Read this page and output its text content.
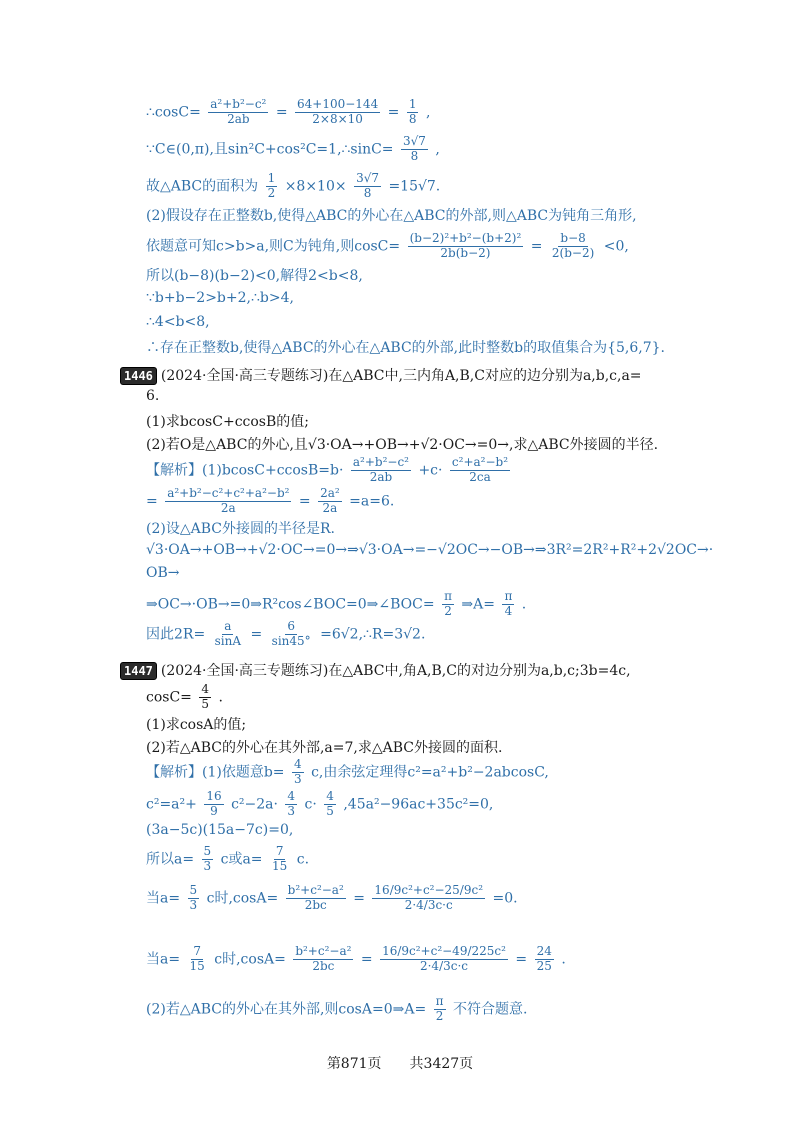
∴cosC= $\frac{\text{a²+b²−c²}}{2ab} = \frac{64+100-144}{2\times 8\times 10} = \frac{1}{8}$ ,
∵C∈(0,π),且sin²C+cos²C=1,∴sinC= $\frac{3√7}{8}$ ,
故△ABC的面积为 $\frac{1}{2} \times 8\times 10\times \frac{3√7}{8} =15√7$.
(2)假设存在正整数b,使得△ABC的外心在△ABC的外部,则△ABC为钝角三角形,
依题意可知c>b>a,则C为钝角,则$\cos C= \frac{\text{(b−2)²+b²−(b+2)²}}{2b(b-2)} = \frac{b-8}{2(b-2)} <0$,
所以(b−8)(b−2)<0,解得2<b<8,
∵b+b−2>b+2,∴b>4,
∴4<b<8,
∴存在正整数b,使得△ABC的外心在△ABC的外部,此时整数b的取值集合为{5,6,7}.
1446 (2024·全国·高三专题练习)在△ABC中,三内角A,B,C对应的边分别为a,b,c,a=
6.
(1)求bcosC+ccosB的值;
(2)若O是△ABC的外心,且√3·OA→+OB→+√2·OC→=0→,求△ABC外接圆的半径.
【解析】$(1)bcosC+ccosB=b\cdot \frac{\text{a²+b²−c²}}{2ab} +c\cdot \frac{\text{c²+a²−b²}}{2ca}$
= $\frac{\text{a²+b²−c²+c²+a²−b²}}{2a} = \frac{\text{2a²}}{2a} =a=6$.
(2)设△ABC外接圆的半径是R.
√3·OA→+OB→+√2·OC→=0→⇒√3·OA→=−√2OC→−OB→⇒3R²=2R²+R²+2√2OC→·
OB→
⇒OC→·OB→=0⇒R²cos∠BOC=0⇒∠BOC= $\frac{\pi}{2}$ ⇒A= $\frac{\pi}{4}$ .
因此$2R= \frac{a}{\sin A} = \frac{6}{\sin 45^\circ}$ =6√2,∴R=3√2.
1447 (2024·全国·高三专题练习)在△ABC中,角A,B,C的对边分别为a,b,c;3b=4c,
$\cos C= \frac{4}{5}$ .
(1)求cosA的值;
(2)若△ABC的外心在其外部,a=7,求△ABC外接圆的面积.
【解析】(1)依题意$b= \frac{4}{3} c$,由余弦定理得c²=a²+b²−2abcosC,
$c^2=a^2+ \frac{16}{9} c^2-2a\cdot \frac{4}{3} c\cdot \frac{4}{5} ,45a^2-96ac+35c^2=0$,
(3a−5c)(15a−7c)=0,
所以$a= \frac{5}{3}$ c或$a= \frac{7}{15} c$.
当$a= \frac{5}{3}$ c时$,\cos A= \frac{\text{b²+c²−a²}}{2bc} = \frac{\text{16/9c²+c²−25/9c²}}{2\cdot 4/3c\cdot c} =0$.
当$a= \frac{7}{15}$ c时$,\cos A= \frac{\text{b²+c²−a²}}{2bc} = \frac{\text{16/9c²+c²−49/225c²}}{2\cdot 4/3c\cdot c} = \frac{24}{25}$ .
(2)若△ABC的外心在其外部,则cosA=0⇒A= $\frac{\pi}{2}$ 不符合题意.
第871页　　共3427页
